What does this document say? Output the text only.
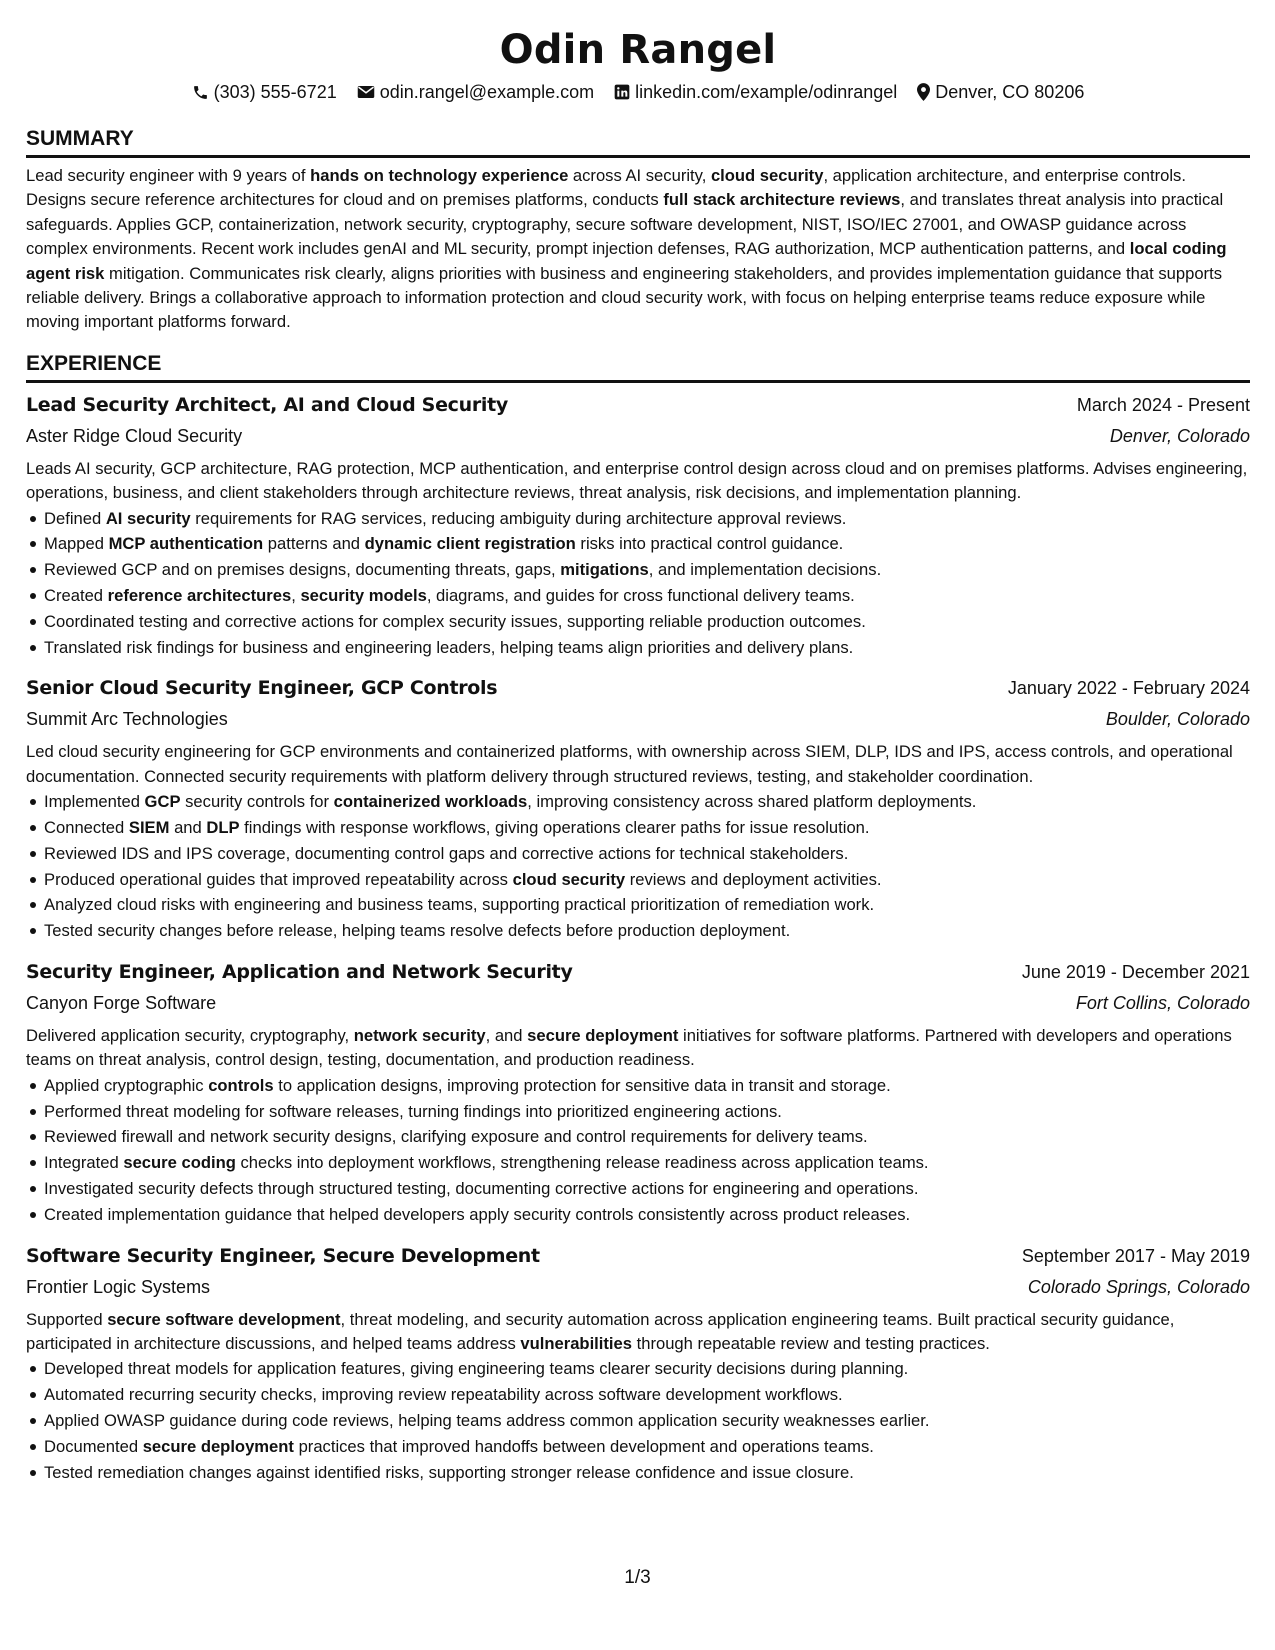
Odin Rangel
(303) 555-6721 odin.rangel@example.com linkedin.com/example/odinrangel Denver, CO 80206
SUMMARY
Lead security engineer with 9 years of hands on technology experience across AI security, cloud security, application architecture, and enterprise controls. Designs secure reference architectures for cloud and on premises platforms, conducts full stack architecture reviews, and translates threat analysis into practical safeguards. Applies GCP, containerization, network security, cryptography, secure software development, NIST, ISO/IEC 27001, and OWASP guidance across complex environments. Recent work includes genAI and ML security, prompt injection defenses, RAG authorization, MCP authentication patterns, and local coding agent risk mitigation. Communicates risk clearly, aligns priorities with business and engineering stakeholders, and provides implementation guidance that supports reliable delivery. Brings a collaborative approach to information protection and cloud security work, with focus on helping enterprise teams reduce exposure while moving important platforms forward.
EXPERIENCE
Lead Security Architect, AI and Cloud Security	March 2024 - Present
Aster Ridge Cloud Security	Denver, Colorado
Leads AI security, GCP architecture, RAG protection, MCP authentication, and enterprise control design across cloud and on premises platforms. Advises engineering, operations, business, and client stakeholders through architecture reviews, threat analysis, risk decisions, and implementation planning.
Defined AI security requirements for RAG services, reducing ambiguity during architecture approval reviews.
Mapped MCP authentication patterns and dynamic client registration risks into practical control guidance.
Reviewed GCP and on premises designs, documenting threats, gaps, mitigations, and implementation decisions.
Created reference architectures, security models, diagrams, and guides for cross functional delivery teams.
Coordinated testing and corrective actions for complex security issues, supporting reliable production outcomes.
Translated risk findings for business and engineering leaders, helping teams align priorities and delivery plans.
Senior Cloud Security Engineer, GCP Controls	January 2022 - February 2024
Summit Arc Technologies	Boulder, Colorado
Led cloud security engineering for GCP environments and containerized platforms, with ownership across SIEM, DLP, IDS and IPS, access controls, and operational documentation. Connected security requirements with platform delivery through structured reviews, testing, and stakeholder coordination.
Implemented GCP security controls for containerized workloads, improving consistency across shared platform deployments.
Connected SIEM and DLP findings with response workflows, giving operations clearer paths for issue resolution.
Reviewed IDS and IPS coverage, documenting control gaps and corrective actions for technical stakeholders.
Produced operational guides that improved repeatability across cloud security reviews and deployment activities.
Analyzed cloud risks with engineering and business teams, supporting practical prioritization of remediation work.
Tested security changes before release, helping teams resolve defects before production deployment.
Security Engineer, Application and Network Security	June 2019 - December 2021
Canyon Forge Software	Fort Collins, Colorado
Delivered application security, cryptography, network security, and secure deployment initiatives for software platforms. Partnered with developers and operations teams on threat analysis, control design, testing, documentation, and production readiness.
Applied cryptographic controls to application designs, improving protection for sensitive data in transit and storage.
Performed threat modeling for software releases, turning findings into prioritized engineering actions.
Reviewed firewall and network security designs, clarifying exposure and control requirements for delivery teams.
Integrated secure coding checks into deployment workflows, strengthening release readiness across application teams.
Investigated security defects through structured testing, documenting corrective actions for engineering and operations.
Created implementation guidance that helped developers apply security controls consistently across product releases.
Software Security Engineer, Secure Development	September 2017 - May 2019
Frontier Logic Systems	Colorado Springs, Colorado
Supported secure software development, threat modeling, and security automation across application engineering teams. Built practical security guidance, participated in architecture discussions, and helped teams address vulnerabilities through repeatable review and testing practices.
Developed threat models for application features, giving engineering teams clearer security decisions during planning.
Automated recurring security checks, improving review repeatability across software development workflows.
Applied OWASP guidance during code reviews, helping teams address common application security weaknesses earlier.
Documented secure deployment practices that improved handoffs between development and operations teams.
Tested remediation changes against identified risks, supporting stronger release confidence and issue closure.
1/3
